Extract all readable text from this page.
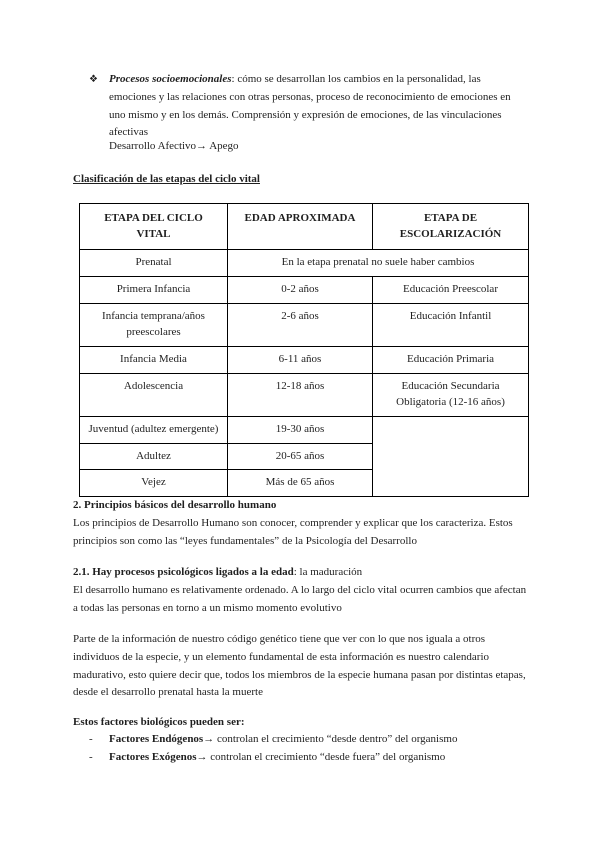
❖	Procesos socioemocionales: cómo se desarrollan los cambios en la personalidad, las emociones y las relaciones con otras personas, proceso de reconocimiento de emociones en uno mismo y en los demás. Comprensión y expresión de emociones, de las vinculaciones afectivas
Desarrollo Afectivo→ Apego
Clasificación de las etapas del ciclo vital
ETAPA DEL CICLO VITAL	EDAD APROXIMADA	ETAPA DE ESCOLARIZACIÓN
Prenatal	En la etapa prenatal no suele haber cambios	
Primera Infancia	0-2 años	Educación Preescolar
Infancia temprana/años preescolares	2-6 años	Educación Infantil
Infancia Media	6-11 años	Educación Primaria
Adolescencia	12-18 años	Educación Secundaria Obligatoria (12-16 años)
Juventud (adultez emergente)	19-30 años	
Adultez	20-65 años	
Vejez	Más de 65 años	
2. Principios básicos del desarrollo humano
Los principios de Desarrollo Humano son conocer, comprender y explicar que los caracteriza. Estos principios son como las “leyes fundamentales” de la Psicología del Desarrollo
2.1. Hay procesos psicológicos ligados a la edad: la maduración
El desarrollo humano es relativamente ordenado. A lo largo del ciclo vital ocurren cambios que afectan a todas las personas en torno a un mismo momento evolutivo
Parte de la información de nuestro código genético tiene que ver con lo que nos iguala a otros individuos de la especie, y un elemento fundamental de esta información es nuestro calendario madurativo, esto quiere decir que, todos los miembros de la especie humana pasan por distintas etapas, desde el desarrollo prenatal hasta la muerte
Estos factores biológicos pueden ser:
-	Factores Endógenos→ controlan el crecimiento “desde dentro” del organismo
-	Factores Exógenos→ controlan el crecimiento “desde fuera” del organismo
